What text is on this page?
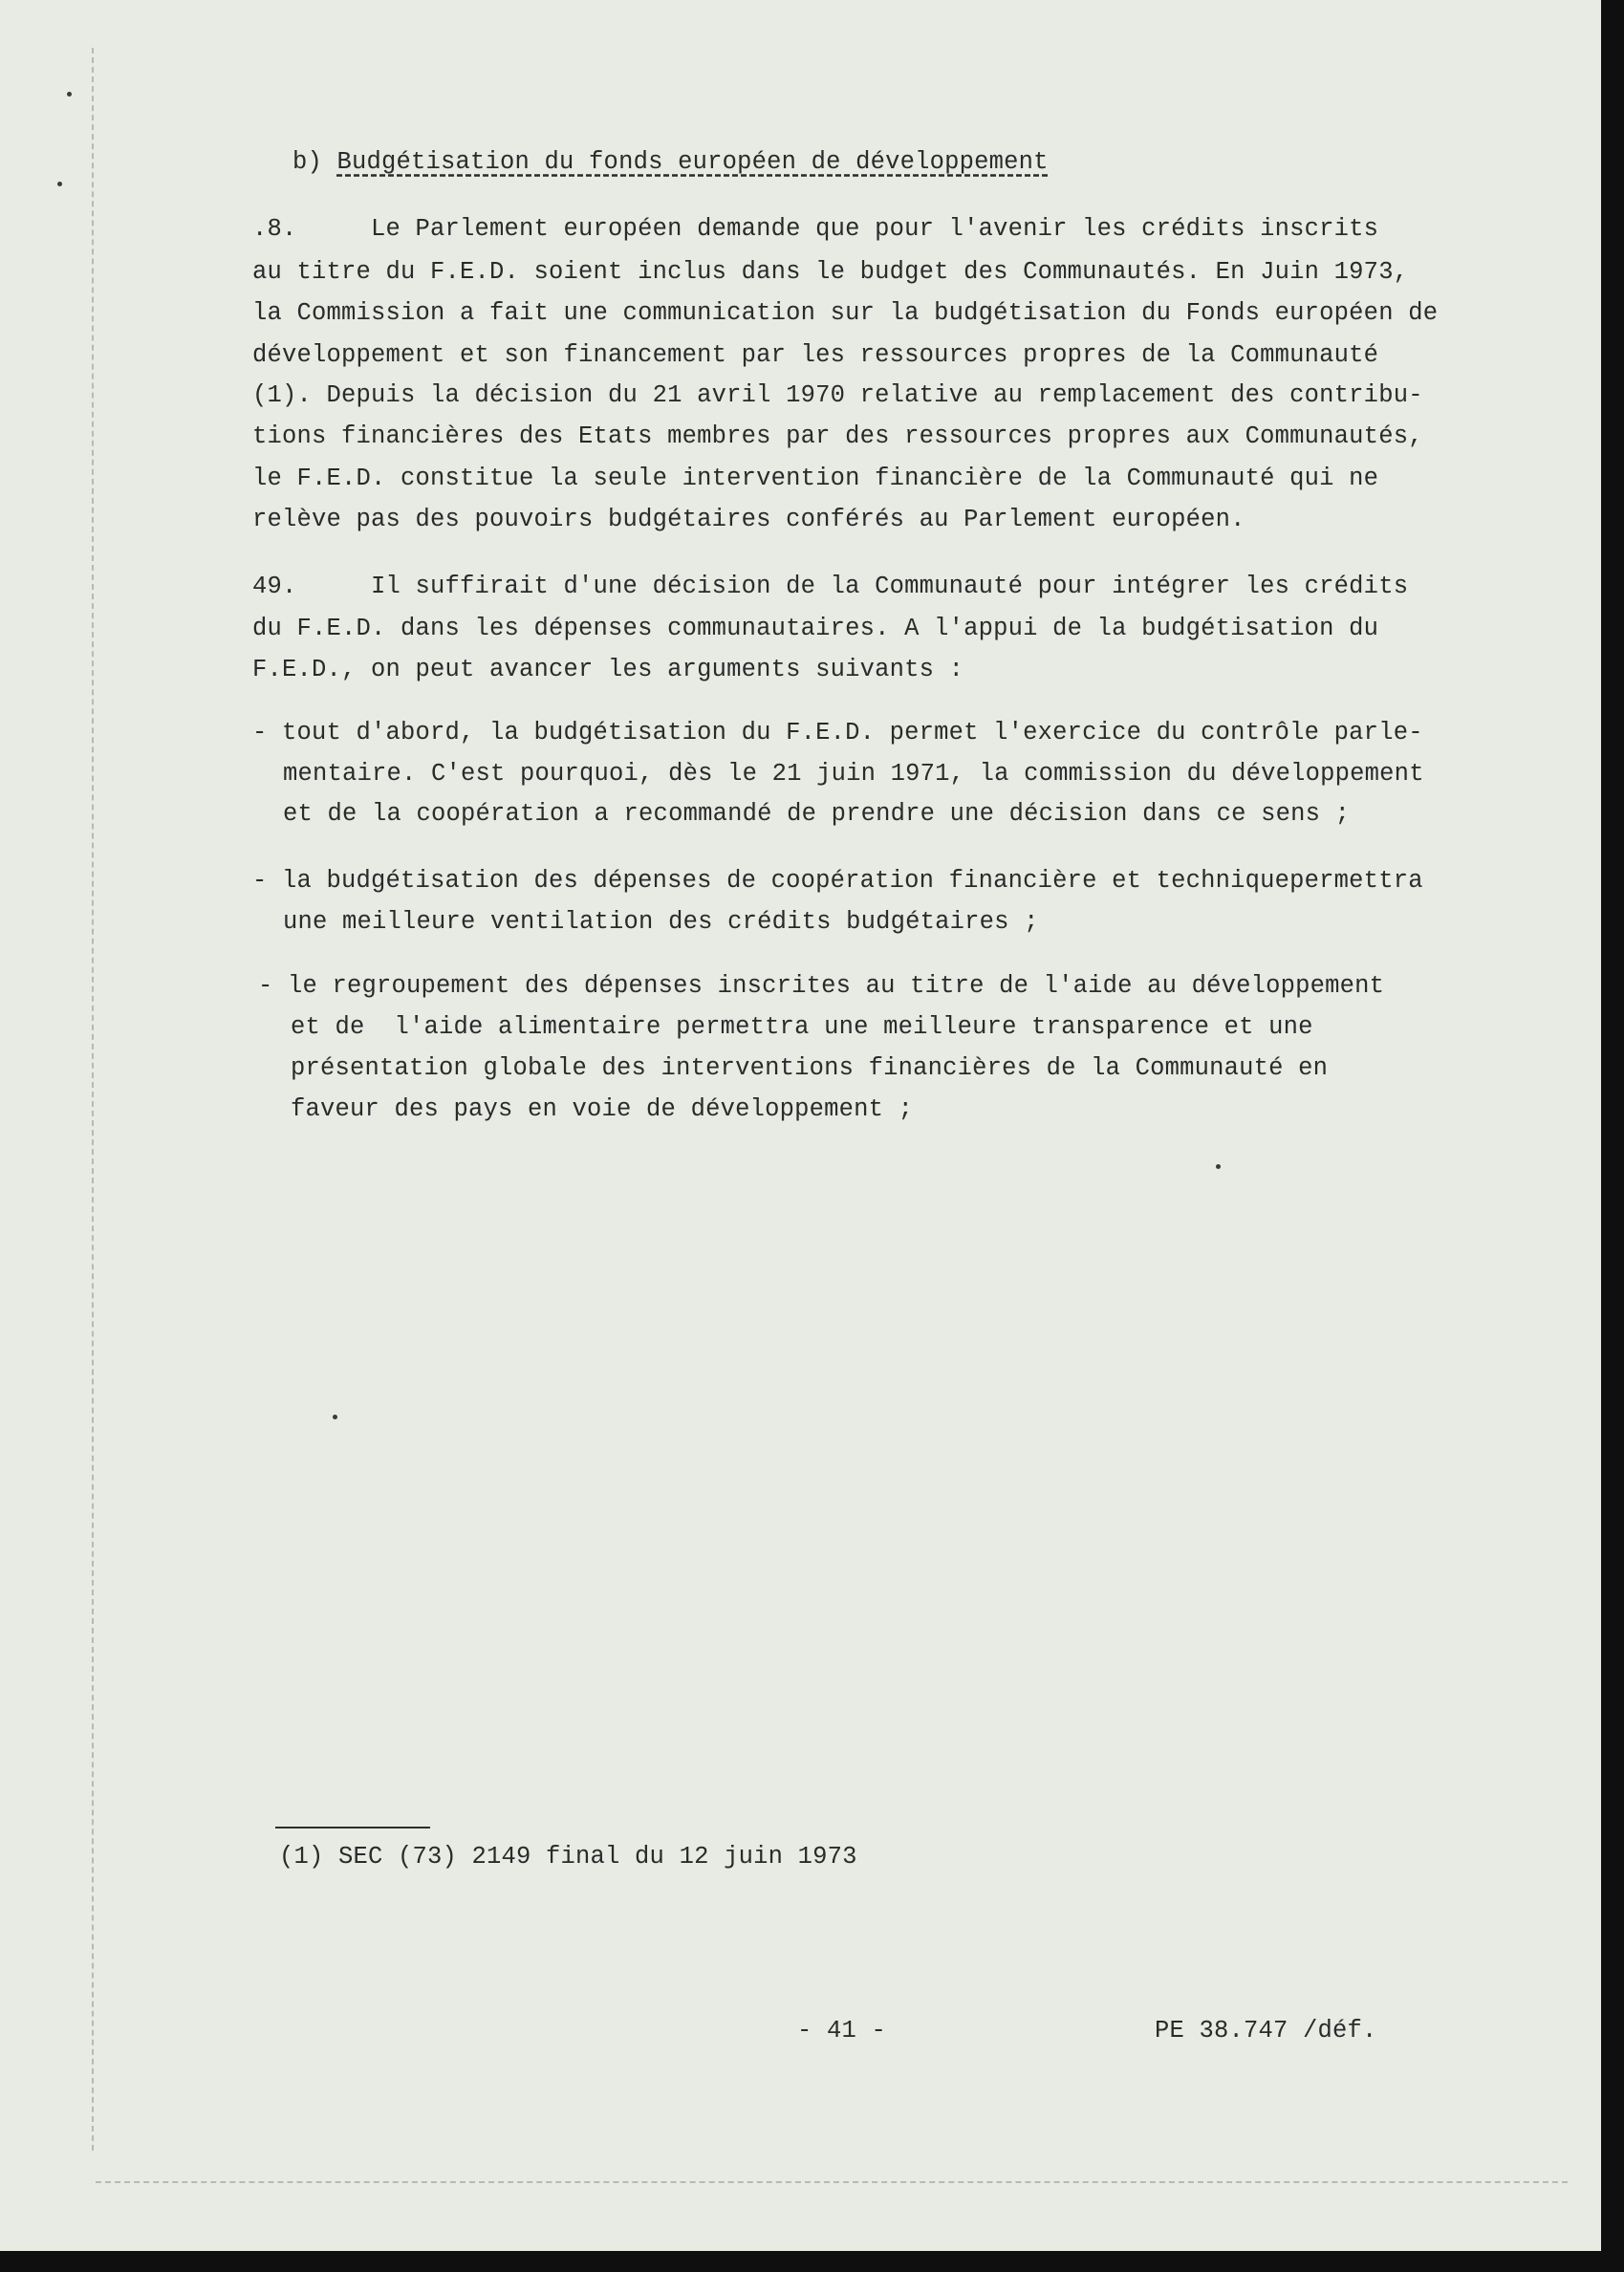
b) Budgétisation du fonds européen de développement
.8.     Le Parlement européen demande que pour l'avenir les crédits inscrits
au titre du F.E.D. soient inclus dans le budget des Communautés. En Juin 1973,
la Commission a fait une communication sur la budgétisation du Fonds européen de
développement et son financement par les ressources propres de la Communauté
(1). Depuis la décision du 21 avril 1970 relative au remplacement des contribu-
tions financières des Etats membres par des ressources propres aux Communautés,
le F.E.D. constitue la seule intervention financière de la Communauté qui ne
relève pas des pouvoirs budgétaires conférés au Parlement européen.
49.     Il suffirait d'une décision de la Communauté pour intégrer les crédits
du F.E.D. dans les dépenses communautaires. A l'appui de la budgétisation du
F.E.D., on peut avancer les arguments suivants :
- tout d'abord, la budgétisation du F.E.D. permet l'exercice du contrôle parle-
mentaire. C'est pourquoi, dès le 21 juin 1971, la commission du développement
et de la coopération a recommandé de prendre une décision dans ce sens ;
- la budgétisation des dépenses de coopération financière et techniquepermettra
une meilleure ventilation des crédits budgétaires ;
- le regroupement des dépenses inscrites au titre de l'aide au développement
et de  l'aide alimentaire permettra une meilleure transparence et une
présentation globale des interventions financières de la Communauté en
faveur des pays en voie de développement ;
(1) SEC (73) 2149 final du 12 juin 1973
- 41 -	PE 38.747 /déf.
